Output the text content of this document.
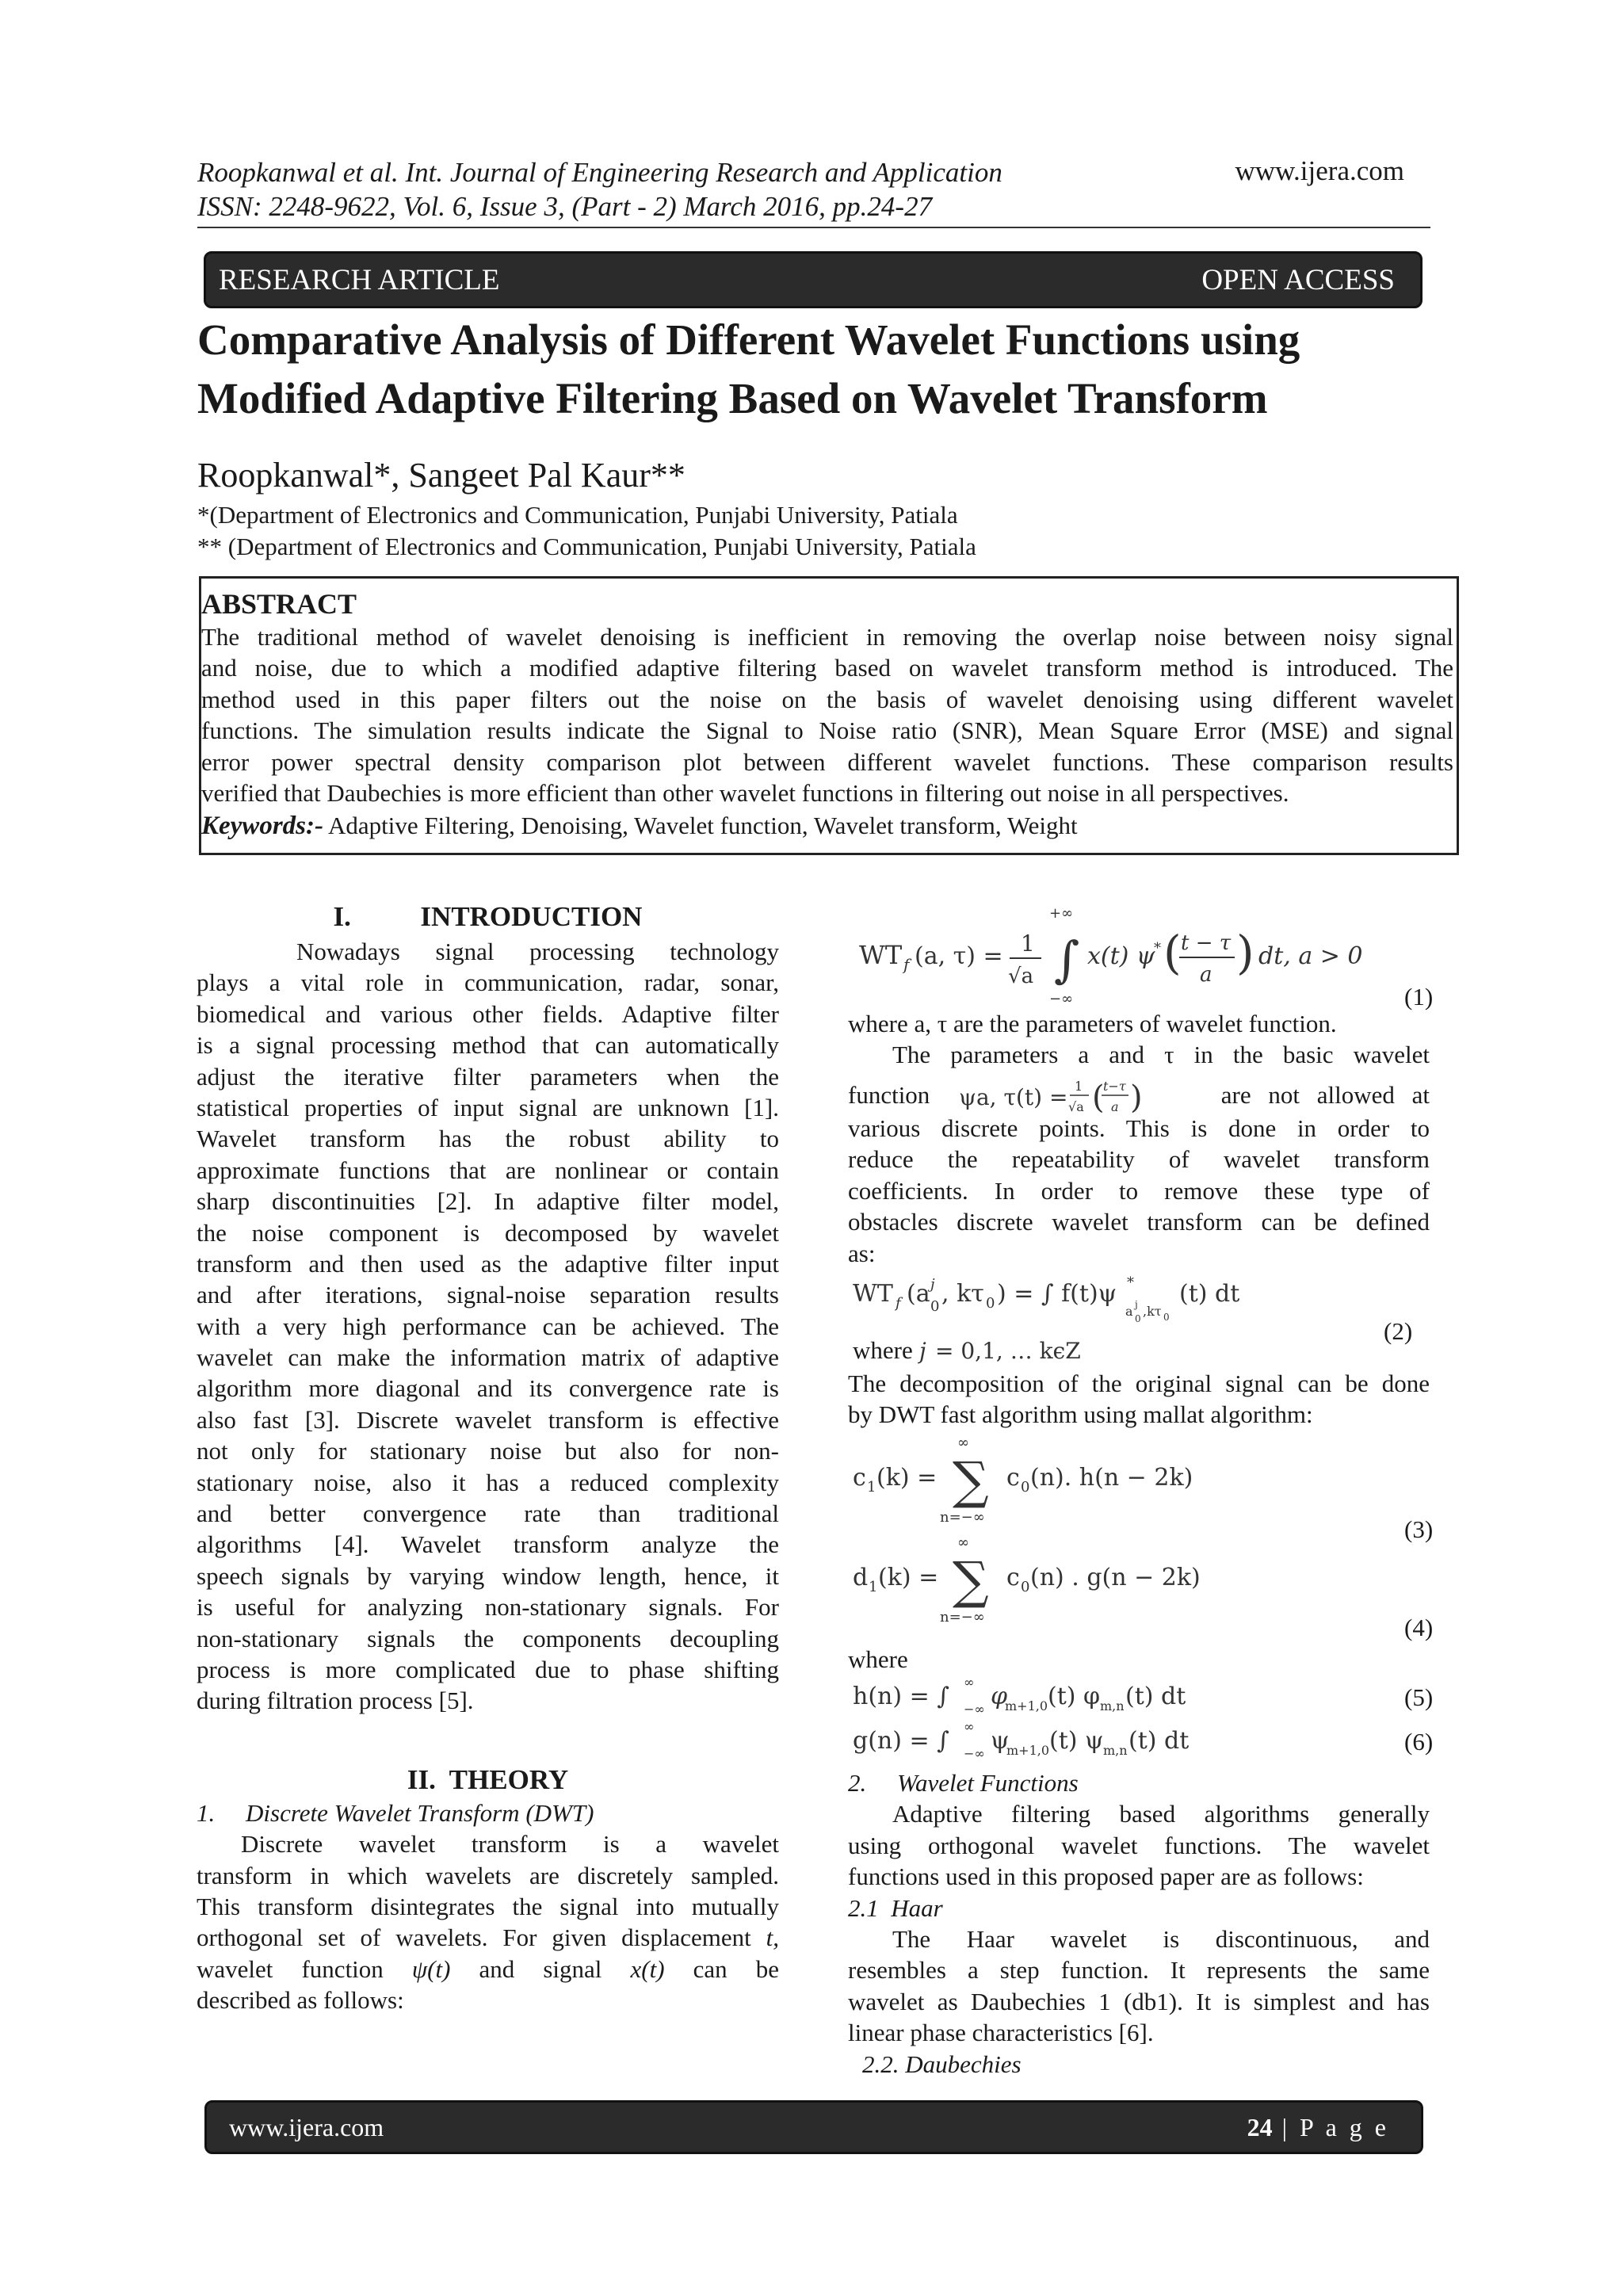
Roopkanwal et al. Int. Journal of Engineering Research and Application
ISSN: 2248-9622, Vol. 6, Issue 3, (Part - 2) March 2016, pp.24-27
www.ijera.com
RESEARCH ARTICLE	OPEN ACCESS
Comparative Analysis of Different Wavelet Functions using
Modified Adaptive Filtering Based on Wavelet Transform
Roopkanwal*, Sangeet Pal Kaur**
*(Department of Electronics and Communication, Punjabi University, Patiala
** (Department of Electronics and Communication, Punjabi University, Patiala
ABSTRACT
The traditional method of wavelet denoising is inefficient in removing the overlap noise between noisy signal
and noise, due to which a modified adaptive filtering based on wavelet transform method is introduced. The
method used in this paper filters out the noise on the basis of wavelet denoising using different wavelet
functions. The simulation results indicate the Signal to Noise ratio (SNR), Mean Square Error (MSE) and signal
error power spectral density comparison plot between different wavelet functions. These comparison results
verified that Daubechies is more efficient than other wavelet functions in filtering out noise in all perspectives.
Keywords:- Adaptive Filtering, Denoising, Wavelet function, Wavelet transform, Weight
I.          INTRODUCTION
Nowadays signal processing technology
plays a vital role in communication, radar, sonar,
biomedical and various other fields. Adaptive filter
is a signal processing method that can automatically
adjust the iterative filter parameters when the
statistical properties of input signal are unknown [1].
Wavelet transform has the robust ability to
approximate functions that are nonlinear or contain
sharp discontinuities [2]. In adaptive filter model,
the noise component is decomposed by wavelet
transform and then used as the adaptive filter input
and after iterations, signal-noise separation results
with a very high performance can be achieved. The
wavelet can make the information matrix of adaptive
algorithm more diagonal and its convergence rate is
also fast [3]. Discrete wavelet transform is effective
not only for stationary noise but also for non-
stationary noise, also it has a reduced complexity
and better convergence rate than traditional
algorithms [4]. Wavelet transform analyze the
speech signals by varying window length, hence, it
is useful for analyzing non-stationary signals. For
non-stationary signals the components decoupling
process is more complicated due to phase shifting
during filtration process [5].
II.  THEORY
1.     Discrete Wavelet Transform (DWT)
Discrete wavelet transform is a wavelet
transform in which wavelets are discretely sampled.
This transform disintegrates the signal into mutually
orthogonal set of wavelets. For given displacement t,
wavelet function ψ(t) and signal x(t) can be
described as follows:
WT f (a, τ) = 1
√a ∫
+∞
−∞
x(t) ψ
* ( t − τ
a ) dt, a > 0
(1)
where a, τ are the parameters of wavelet function.
The parameters a and τ in the basic wavelet
function ψa, τ(t) = 1
√a (
t−τ
a )	are not allowed at
various discrete points. This is done in order to
reduce the repeatability of wavelet transform
coefficients. In order to remove these type of
obstacles discrete wavelet transform can be defined
as:
WT f (a j
0 , kτ 0 ) = ∫ f(t)ψ *
a 0
j ,kτ 0
(t) dt
(2)
where j = 0,1, … kϵZ
The decomposition of the original signal can be done
by DWT fast algorithm using mallat algorithm:
c 1 (k) =
∞
∑
n=−∞
c 0 (n). h(n − 2k)
(3)
d 1 (k) =
∞
∑
n=−∞
c 0 (n) . g(n − 2k)
(4)
where
h(n) = ∫
∞
−∞ φ
m+1,0 (t) φ m,n (t) dt	(5)
g(n) = ∫
∞
−∞ ψ
m+1,0 (t) ψ m,n (t) dt	(6)
2.     Wavelet Functions
Adaptive filtering based algorithms generally
using orthogonal wavelet functions. The wavelet
functions used in this proposed paper are as follows:
2.1  Haar
The Haar wavelet is discontinuous, and
resembles a step function. It represents the same
wavelet as Daubechies 1 (db1). It is simplest and has
linear phase characteristics [6].
2.2. Daubechies
www.ijera.com	24 | P a g e
